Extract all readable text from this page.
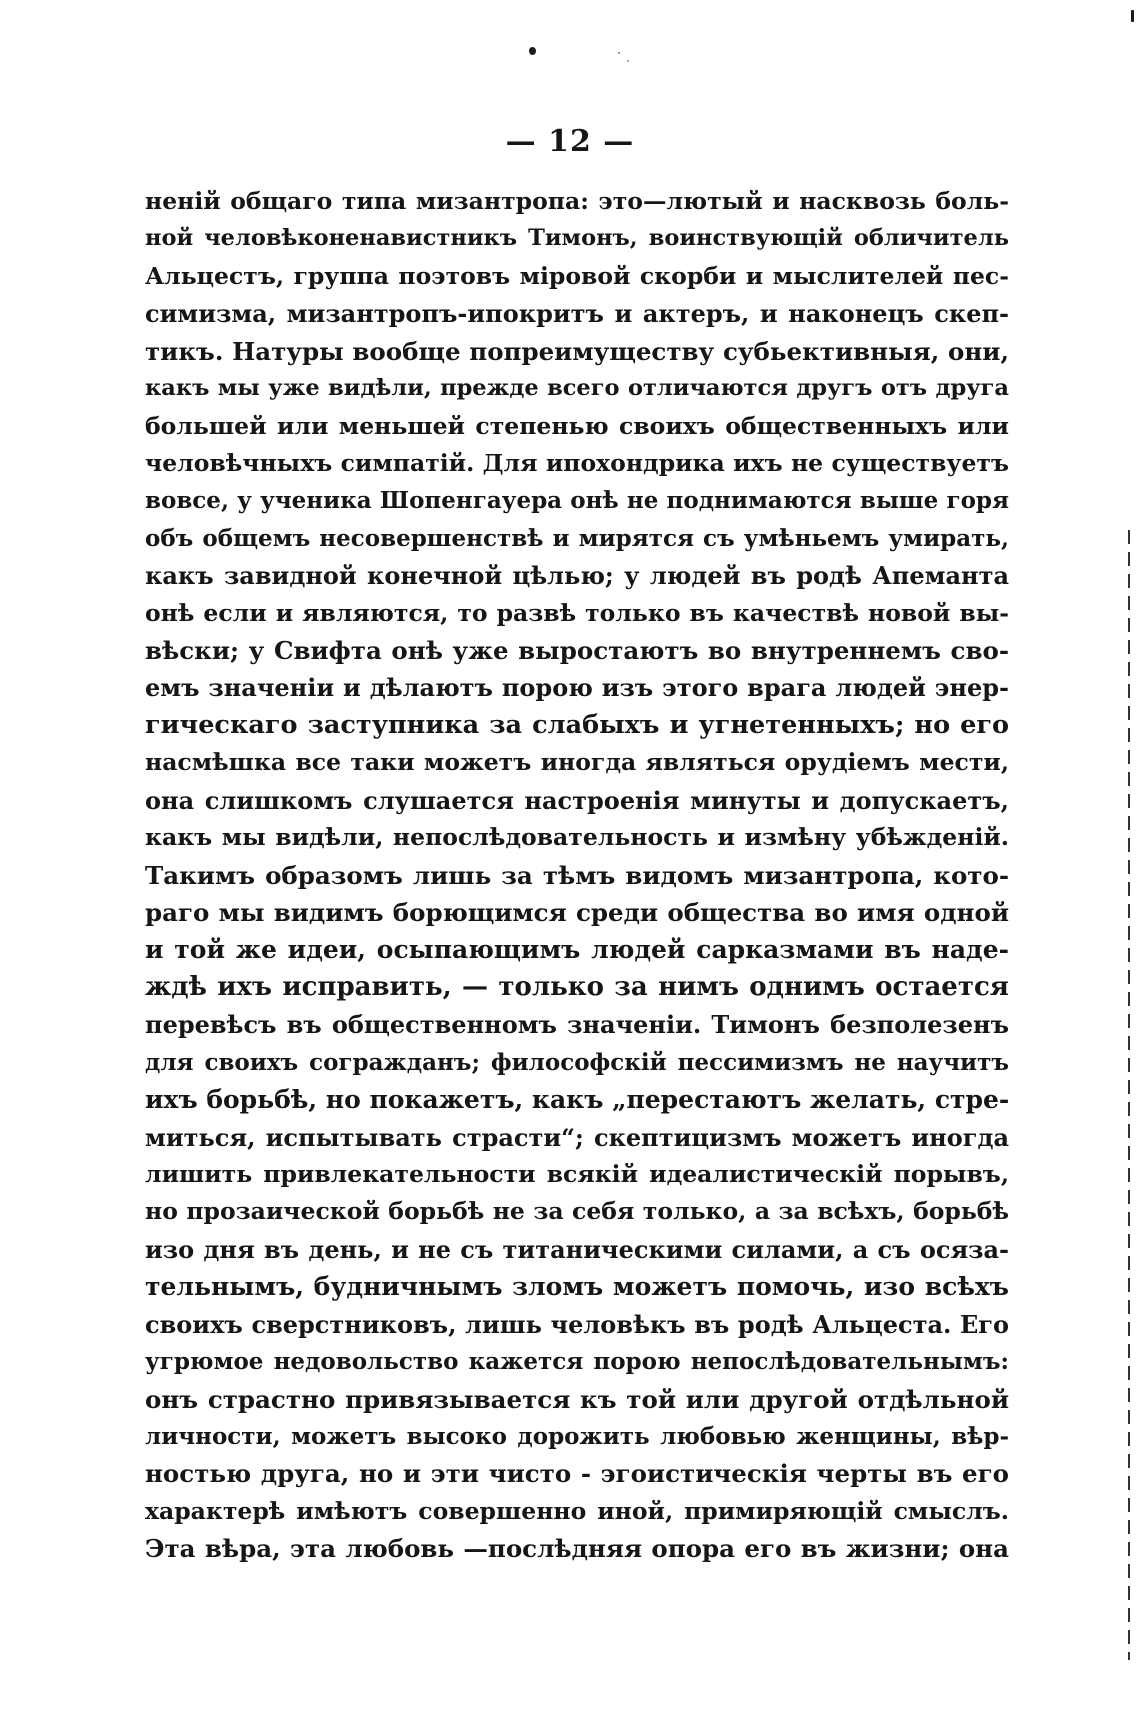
— 12 —
неній общаго типа мизантропа: это—лютый и насквозь боль-
ной человѣконенавистникъ Тимонъ, воинствующій обличитель
Альцестъ, группа поэтовъ міровой скорби и мыслителей пес-
симизма, мизантропъ-ипокритъ и актеръ, и наконецъ скеп-
тикъ. Натуры вообще попреимуществу субьективныя, они,
какъ мы уже видѣли, прежде всего отличаются другъ отъ друга
большей или меньшей степенью своихъ общественныхъ или
человѣчныхъ симпатій. Для ипохондрика ихъ не существуетъ
вовсе, у ученика Шопенгауера онѣ не поднимаются выше горя
объ общемъ несовершенствѣ и мирятся съ умѣньемъ умирать,
какъ завидной конечной цѣлью; у людей въ родѣ Апеманта
онѣ если и являются, то развѣ только въ качествѣ новой вы-
вѣски; у Свифта онѣ уже выростаютъ во внутреннемъ сво-
емъ значеніи и дѣлаютъ порою изъ этого врага людей энер-
гическаго заступника за слабыхъ и угнетенныхъ; но его
насмѣшка все таки можетъ иногда являться орудіемъ мести,
она слишкомъ слушается настроенія минуты и допускаетъ,
какъ мы видѣли, непослѣдовательность и измѣну убѣжденій.
Такимъ образомъ лишь за тѣмъ видомъ мизантропа, кото-
раго мы видимъ борющимся среди общества во имя одной
и той же идеи, осыпающимъ людей сарказмами въ наде-
ждѣ ихъ исправить, — только за нимъ однимъ остается
перевѣсъ въ общественномъ значеніи. Тимонъ безполезенъ
для своихъ согражданъ; философскій пессимизмъ не научитъ
ихъ борьбѣ, но покажетъ, какъ „перестаютъ желать, стре-
миться, испытывать страсти“; скептицизмъ можетъ иногда
лишить привлекательности всякій идеалистическій порывъ,
но прозаической борьбѣ не за себя только, а за всѣхъ, борьбѣ
изо дня въ день, и не съ титаническими силами, а съ осяза-
тельнымъ, будничнымъ зломъ можетъ помочь, изо всѣхъ
своихъ сверстниковъ, лишь человѣкъ въ родѣ Альцеста. Его
угрюмое недовольство кажется порою непослѣдовательнымъ:
онъ страстно привязывается къ той или другой отдѣльной
личности, можетъ высоко дорожить любовью женщины, вѣр-
ностью друга, но и эти чисто - эгоистическія черты въ его
характерѣ имѣютъ совершенно иной, примиряющій смыслъ.
Эта вѣра, эта любовь —послѣдняя опора его въ жизни; она
